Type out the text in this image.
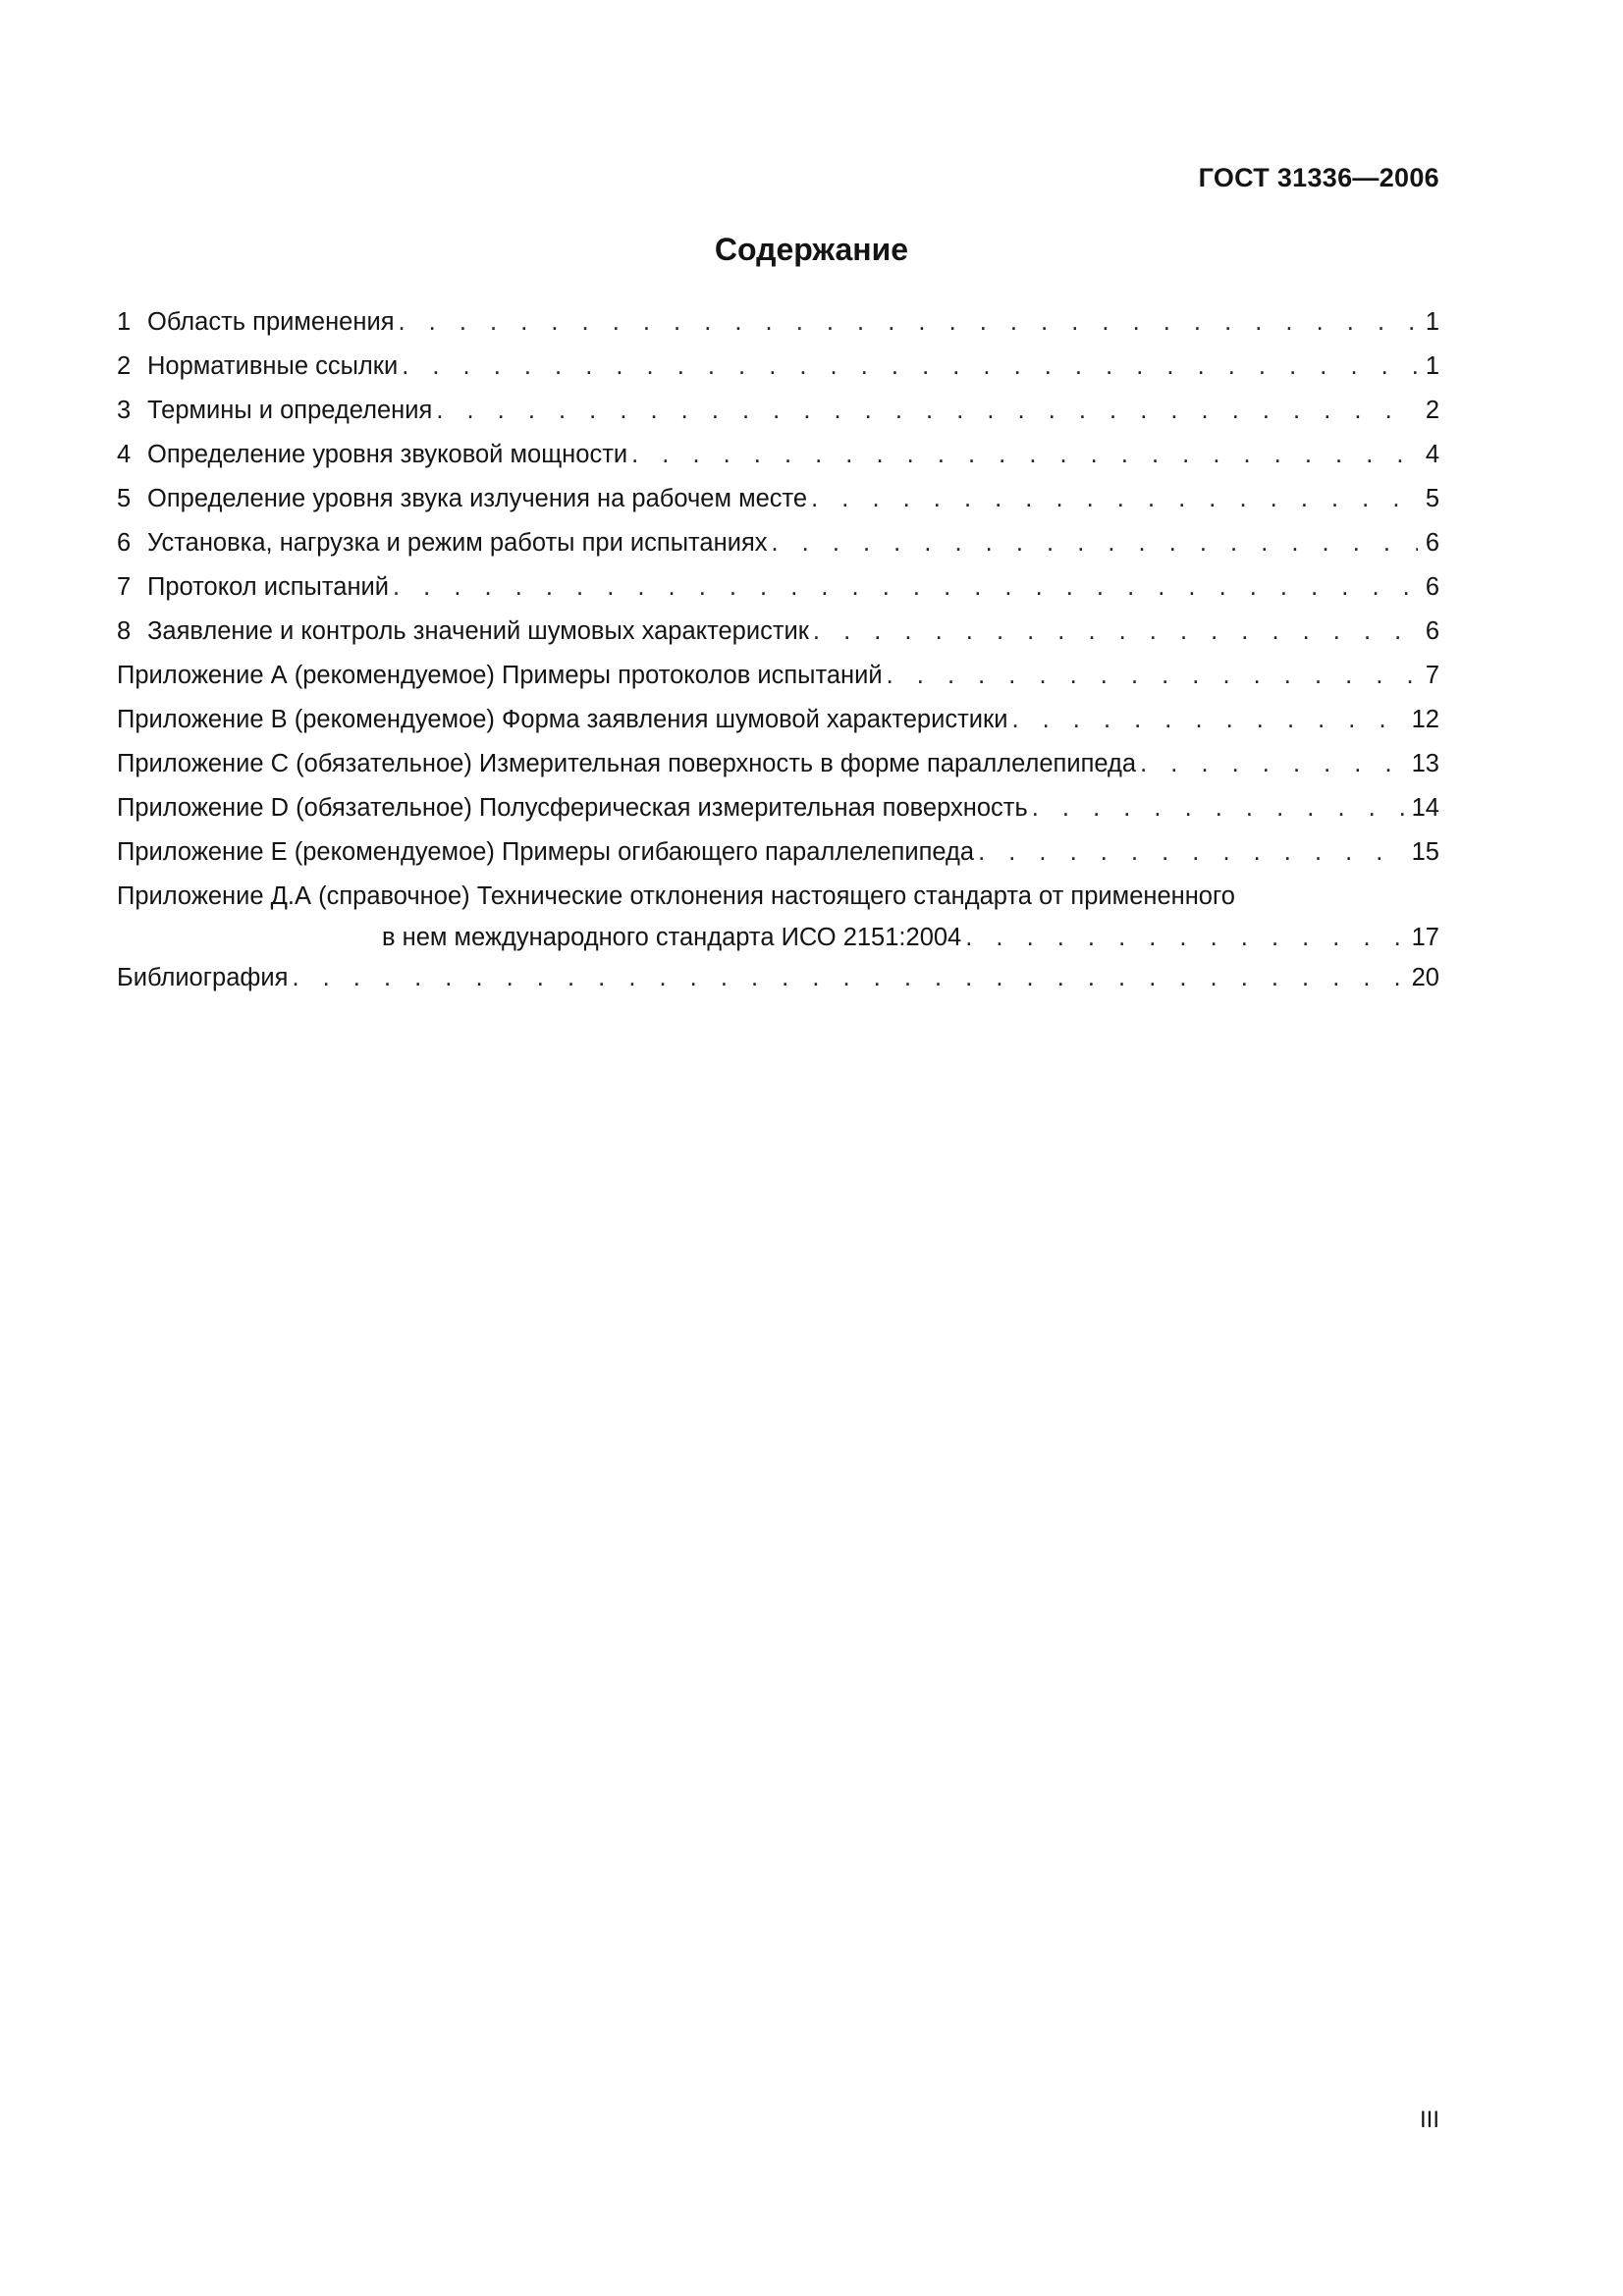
ГОСТ 31336—2006
Содержание
1 Область применения . . .	1
2 Нормативные ссылки . . .	1
3 Термины и определения . . .	2
4 Определение уровня звуковой мощности . . .	4
5 Определение уровня звука излучения на рабочем месте . . .	5
6 Установка, нагрузка и режим работы при испытаниях . . .	6
7 Протокол испытаний . . .	6
8 Заявление и контроль значений шумовых характеристик . . .	6
Приложение А (рекомендуемое)
Примеры протоколов испытаний . . .	7
Приложение В (рекомендуемое)
Форма заявления шумовой характеристики . . .	12
Приложение С (обязательное)
Измерительная поверхность в форме параллелепипеда . . .	13
Приложение D (обязательное)
Полусферическая измерительная поверхность . . .	14
Приложение Е (рекомендуемое)
Примеры огибающего параллелепипеда . . .	15
Приложение Д.А (справочное)
Технические отклонения настоящего стандарта от примененного
в нем международного стандарта ИСО 2151:2004 . . .	17
Библиография . . .	20
III
